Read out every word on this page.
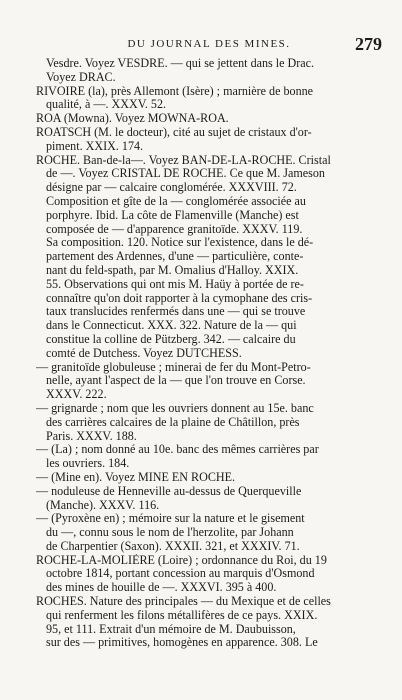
DU JOURNAL DES MINES.	279
Vesdre. Voyez VESDRE. — qui se jettent dans le Drac.
Voyez DRAC.
RIVOIRE (la), près Allemont (Isère) ; marnière de bonne
qualité, à —. XXXV. 52.
ROA (Mowna). Voyez MOWNA-ROA.
ROATSCH (M. le docteur), cité au sujet de cristaux d'or-
piment. XXIX. 174.
ROCHE. Ban-de-la—. Voyez BAN-DE-LA-ROCHE. Cristal
de —. Voyez CRISTAL DE ROCHE. Ce que M. Jameson
désigne par — calcaire conglomérée. XXXVIII. 72.
Composition et gîte de la — conglomérée associée au
porphyre. Ibid. La côte de Flamenville (Manche) est
composée de — d'apparence granitoïde. XXXV. 119.
Sa composition. 120. Notice sur l'existence, dans le dé-
partement des Ardennes, d'une — particulière, conte-
nant du feld-spath, par M. Omalius d'Halloy. XXIX.
55. Observations qui ont mis M. Haüy à portée de re-
connaître qu'on doit rapporter à la cymophane des cris-
taux translucides renfermés dans une — qui se trouve
dans le Connecticut. XXX. 322. Nature de la — qui
constitue la colline de Pützberg. 342. — calcaire du
comté de Dutchess. Voyez DUTCHESS.
— granitoïde globuleuse ; minerai de fer du Mont-Petro-
nelle, ayant l'aspect de la — que l'on trouve en Corse.
XXXV. 222.
— grignarde ; nom que les ouvriers donnent au 15e. banc
des carrières calcaires de la plaine de Châtillon, près
Paris. XXXV. 188.
— (La) ; nom donné au 10e. banc des mêmes carrières par
les ouvriers. 184.
— (Mine en). Voyez MINE EN ROCHE.
— noduleuse de Henneville au-dessus de Querqueville
(Manche). XXXV. 116.
— (Pyroxène en) ; mémoire sur la nature et le gisement
du —, connu sous le nom de l'herzolite, par Johann
de Charpentier (Saxon). XXXII. 321, et XXXIV. 71.
ROCHE-LA-MOLIÈRE (Loire) ; ordonnance du Roi, du 19
octobre 1814, portant concession au marquis d'Osmond
des mines de houille de —. XXXVI. 395 à 400.
ROCHES. Nature des principales — du Mexique et de celles
qui renferment les filons métallifères de ce pays. XXIX.
95, et 111. Extrait d'un mémoire de M. Daubuisson,
sur des — primitives, homogènes en apparence. 308. Le
